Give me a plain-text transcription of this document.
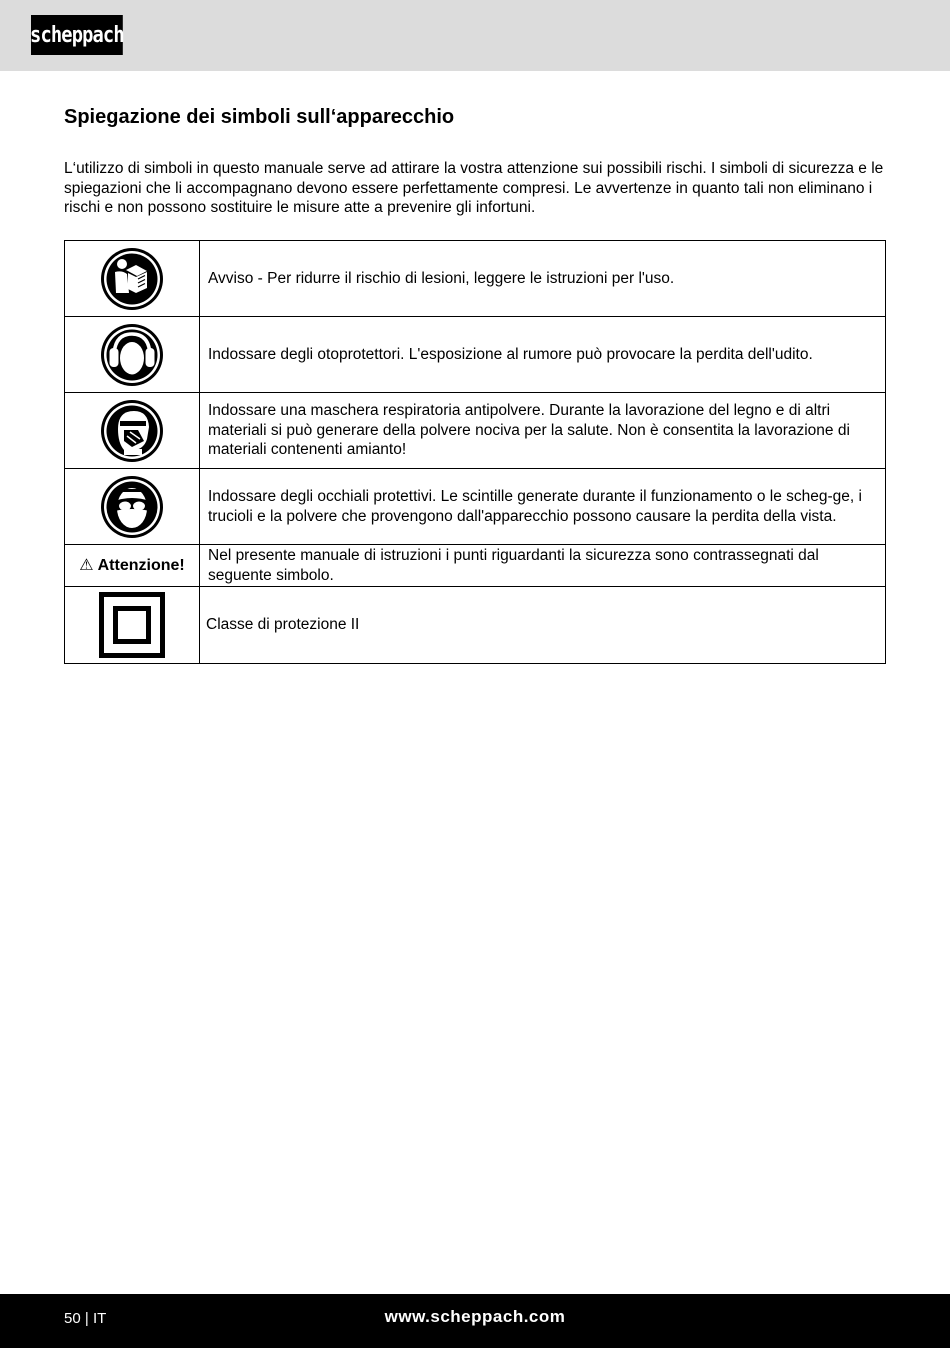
scheppach
Spiegazione dei simboli sull‘apparecchio

L‘utilizzo di simboli in questo manuale serve ad attirare la vostra attenzione sui possibili rischi. I simboli di sicurezza e le spiegazioni che li accompagnano devono essere perfettamente compresi. Le avvertenze in quanto tali non eliminano i rischi e non possono sostituire le misure atte a prevenire gli infortuni.

	Avviso - Per ridurre il rischio di lesioni, leggere le istruzioni per l'uso.

	Indossare degli otoprotettori. L'esposizione al rumore può provocare la perdita dell'udito.

	Indossare una maschera respiratoria antipolvere. Durante la lavorazione del legno e di altri materiali si può generare della polvere nociva per la salute. Non è consentita la lavorazione di materiali contenenti amianto!

	Indossare degli occhiali protettivi. Le scintille generate durante il funzionamento o le scheg-ge, i trucioli e la polvere che provengono dall'apparecchio possono causare la perdita della vista.
⚠ Attenzione!	Nel presente manuale di istruzioni i punti riguardanti la sicurezza sono contrassegnati dal seguente simbolo.

	Classe di protezione II
50 | IT	www.scheppach.com
